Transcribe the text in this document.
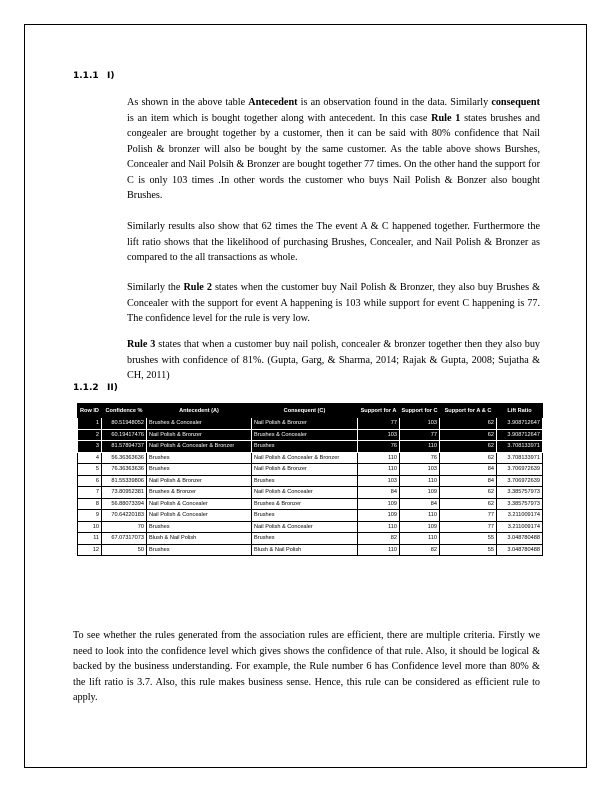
1.1.1 I)

As shown in the above table Antecedent is an observation found in the data. Similarly consequent is an item which is bought together along with antecedent. In this case Rule 1 states brushes and congealer are brought together by a customer, then it can be said with 80% confidence that Nail Polish & bronzer will also be bought by the same customer. As the table above shows Burshes, Concealer and Nail Polsih & Bronzer are bought together 77 times. On the other hand the support for C is only 103 times .In other words the customer who buys Nail Polish & Bonzer also bought Brushes.

Similarly results also show that 62 times the The event A & C happened together. Furthermore the lift ratio shows that the likelihood of purchasing Brushes, Concealer, and Nail Polish & Bronzer as compared to the all transactions as whole.

Similarly the Rule 2 states when the customer buy Nail Polish & Bronzer, they also buy Brushes & Concealer with the support for event A happening is 103 while support for event C happening is 77. The confidence level for the rule is very low.

Rule 3 states that when a customer buy nail polish, concealer & bronzer together then they also buy brushes with confidence of 81%. (Gupta, Garg, & Sharma, 2014; Rajak & Gupta, 2008; Sujatha & CH, 2011)

1.1.2 II)
Row ID	Confidence %	Antecedent (A)	Consequent (C)	Support for A	Support for C	Support for A & C	Lift Ratio
1	80.51948052	Brushes & Concealer	Nail Polish & Bronzer	77	103	62	3.908712647
2	60.19417476	Nail Polish & Bronzer	Brushes & Concealer	103	77	62	3.908712647
3	81.57894737	Nail Polish & Concealer & Bronzer	Brushes	76	110	62	3.708133971
4	56.36363636	Brushes	Nail Polish & Concealer & Bronzer	110	76	62	3.708133971
5	76.36363636	Brushes	Nail Polish & Bronzer	110	103	84	3.706972639
6	81.55339806	Nail Polish & Bronzer	Brushes	103	110	84	3.706972639
7	73.80952381	Brushes & Bronzer	Nail Polish & Concealer	84	109	62	3.385757973
8	56.88073394	Nail Polish & Concealer	Brushes & Bronzer	109	84	62	3.385757973
9	70.64220183	Nail Polish & Concealer	Brushes	109	110	77	3.211009174
10	70	Brushes	Nail Polish & Concealer	110	109	77	3.211009174
11	67.07317073	Blush & Nail Polish	Brushes	82	110	55	3.048780488
12	50	Brushes	Blush & Nail Polish	110	82	55	3.048780488

To see whether the rules generated from the association rules are efficient, there are multiple criteria. Firstly we need to look into the confidence level which gives shows the confidence of that rule. Also, it should be logical & backed by the business understanding. For example, the Rule number 6 has Confidence level more than 80% & the lift ratio is 3.7. Also, this rule makes business sense. Hence, this rule can be considered as efficient rule to apply.
